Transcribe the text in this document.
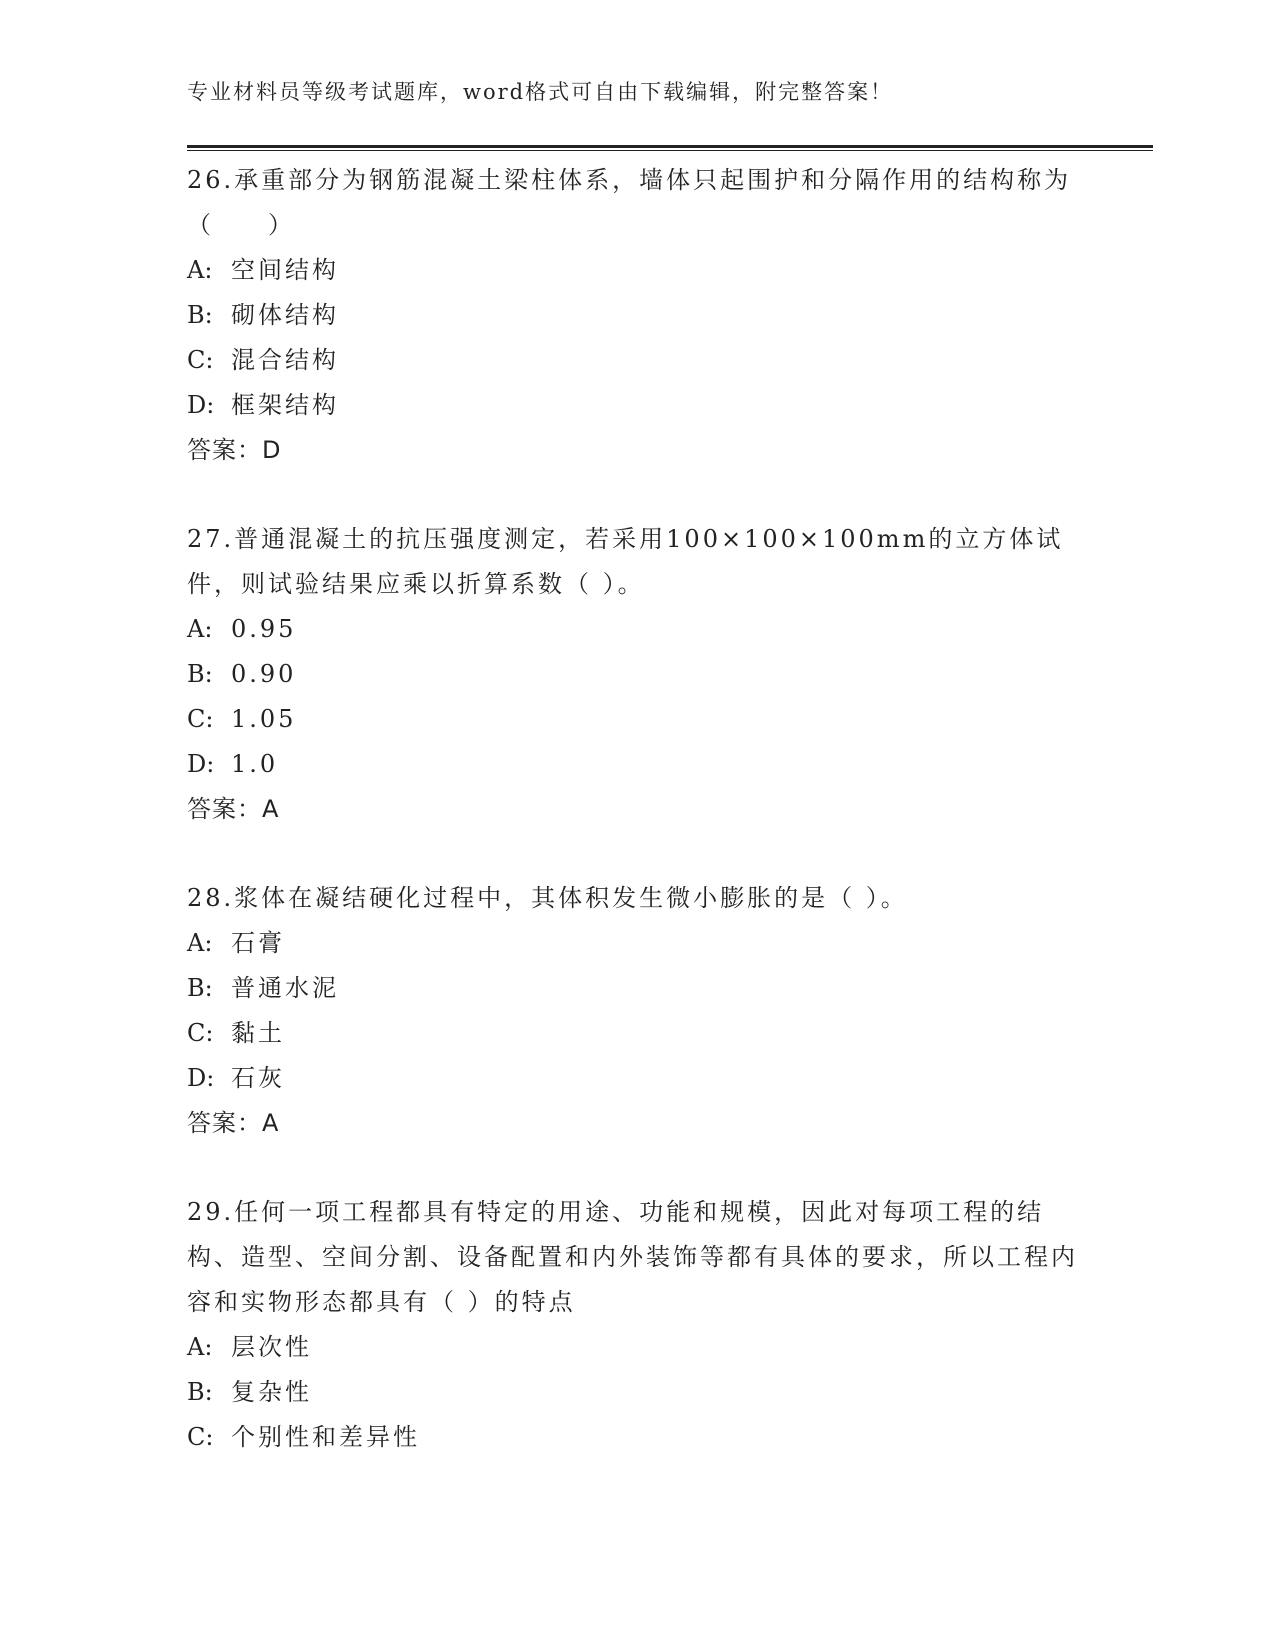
专业材料员等级考试题库，word格式可自由下载编辑，附完整答案！

26.承重部分为钢筋混凝土梁柱体系，墙体只起围护和分隔作用的结构称为（　　）

A: 空间结构

B: 砌体结构

C: 混合结构

D: 框架结构

答案：D

27.普通混凝土的抗压强度测定，若采用100×100×100mm的立方体试件，则试验结果应乘以折算系数（ ）。

A: 0.95

B: 0.90

C: 1.05

D: 1.0

答案：A

28.浆体在凝结硬化过程中，其体积发生微小膨胀的是（ ）。

A: 石膏

B: 普通水泥

C: 黏土

D: 石灰

答案：A

29.任何一项工程都具有特定的用途、功能和规模，因此对每项工程的结构、造型、空间分割、设备配置和内外装饰等都有具体的要求，所以工程内容和实物形态都具有（ ）的特点

A: 层次性

B: 复杂性

C: 个别性和差异性
